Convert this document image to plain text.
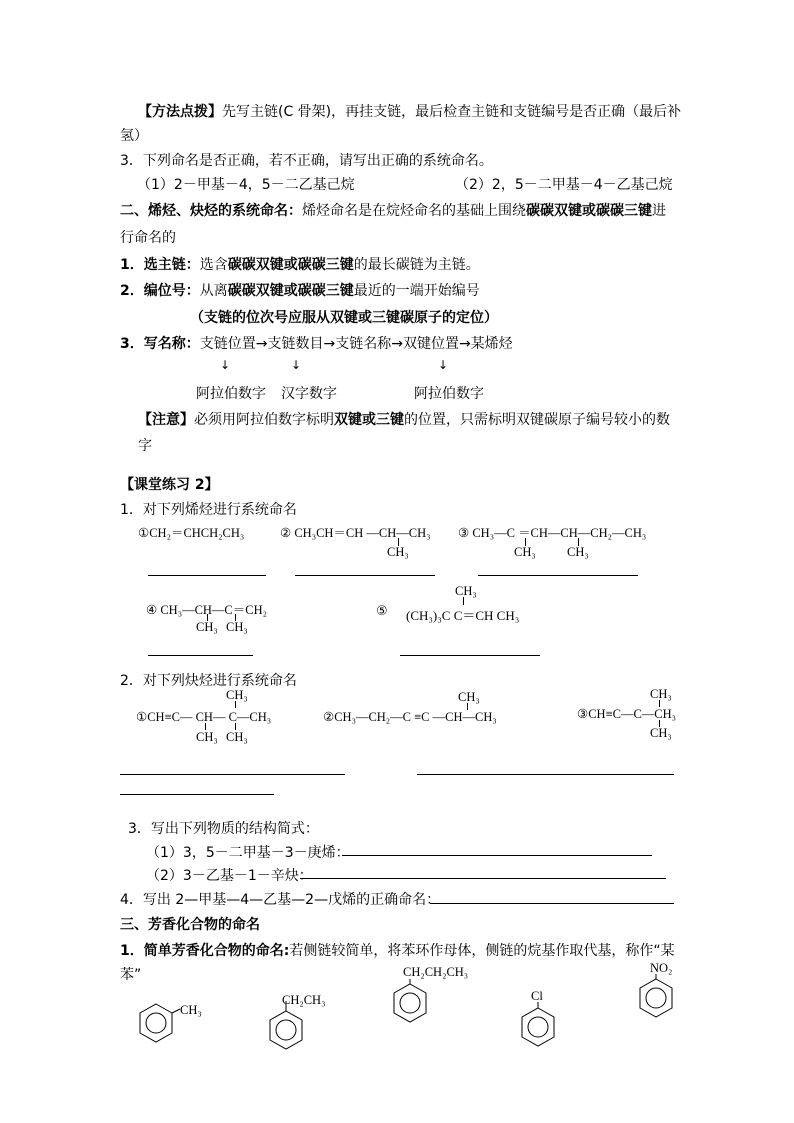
【方法点拨】先写主链(C 骨架)，再挂支链，最后检查主链和支链编号是否正确（最后补
氢）
3．下列命名是否正确，若不正确，请写出正确的系统命名。
（1）2－甲基－4，5－二乙基己烷	（2）2，5－二甲基－4－乙基己烷
二、烯烃、炔烃的系统命名：烯烃命名是在烷烃命名的基础上围绕碳碳双键或碳碳三键进
行命名的
1．选主链：选含碳碳双键或碳碳三键的最长碳链为主链。
2．编位号：从离碳碳双键或碳碳三键最近的一端开始编号
（支链的位次号应服从双键或三键碳原子的定位）
3．写名称：支链位置→支链数目→支链名称→双键位置→某烯烃
↓	↓	↓
阿拉伯数字 汉字数字	阿拉伯数字
【注意】必须用阿拉伯数字标明双键或三键的位置，只需标明双键碳原子编号较小的数
字
【课堂练习 2】
1．对下列烯烃进行系统命名
①CH₂＝CHCH₂CH₃	② CH₃CH＝CH —CH—CH₃
CH₃
③ CH₃—C ＝CH—CH—CH₂—CH₃
CH₃	CH₃
④ CH₃—CH—C＝CH₂
CH₃ CH₃
CH₃
⑤ (CH₃)₃C C＝CH CH₃
2．对下列炔烃进行系统命名
CH₃
①CH≡C— CH— C—CH₃
CH₃ CH₃
CH₃
②CH₃—CH₂—C ≡C —CH—CH₃
CH₃
③CH≡C—C—CH₃
CH₃
3．写出下列物质的结构简式：
（1）3，5－二甲基－3－庚烯：
（2）3－乙基－1－辛炔：
4．写出 2—甲基—4—乙基—2—戊烯的正确命名：
三、芳香化合物的命名
1．简单芳香化合物的命名:若侧链较简单，将苯环作母体，侧链的烷基作取代基，称作“某
苯”
CH₃
CH₂CH₃
CH₂CH₂CH₃
Cl
NO₂
